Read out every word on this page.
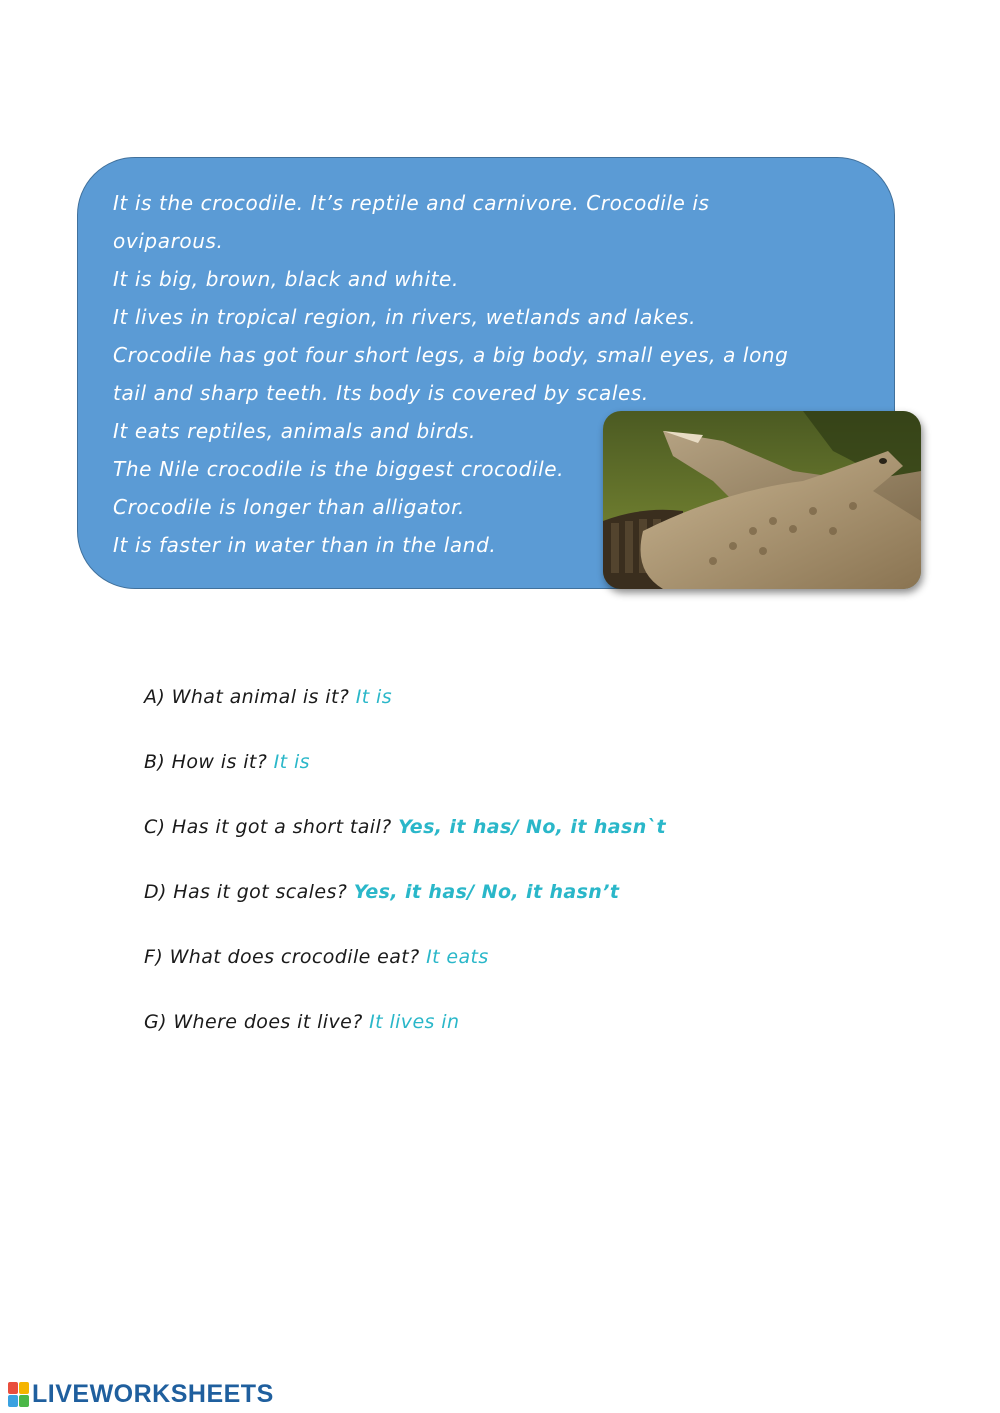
It is the crocodile. It’s reptile and carnivore. Crocodile is
oviparous.
It is big, brown, black and white.
It lives in tropical region, in rivers, wetlands and lakes.
Crocodile has got four short legs, a big body, small eyes, a long
tail and sharp teeth. Its body is covered by scales.
It eats reptiles, animals and birds.
The Nile crocodile is the biggest crocodile.
Crocodile is longer than alligator.
It is faster in water than in the land.
A) What animal is it? It is
B) How is it? It is
C) Has it got a short tail? Yes, it has/ No, it hasn`t
D) Has it got scales? Yes, it has/ No, it hasn’t
F) What does crocodile eat? It eats
G) Where does it live? It lives in
LIVEWORKSHEETS
